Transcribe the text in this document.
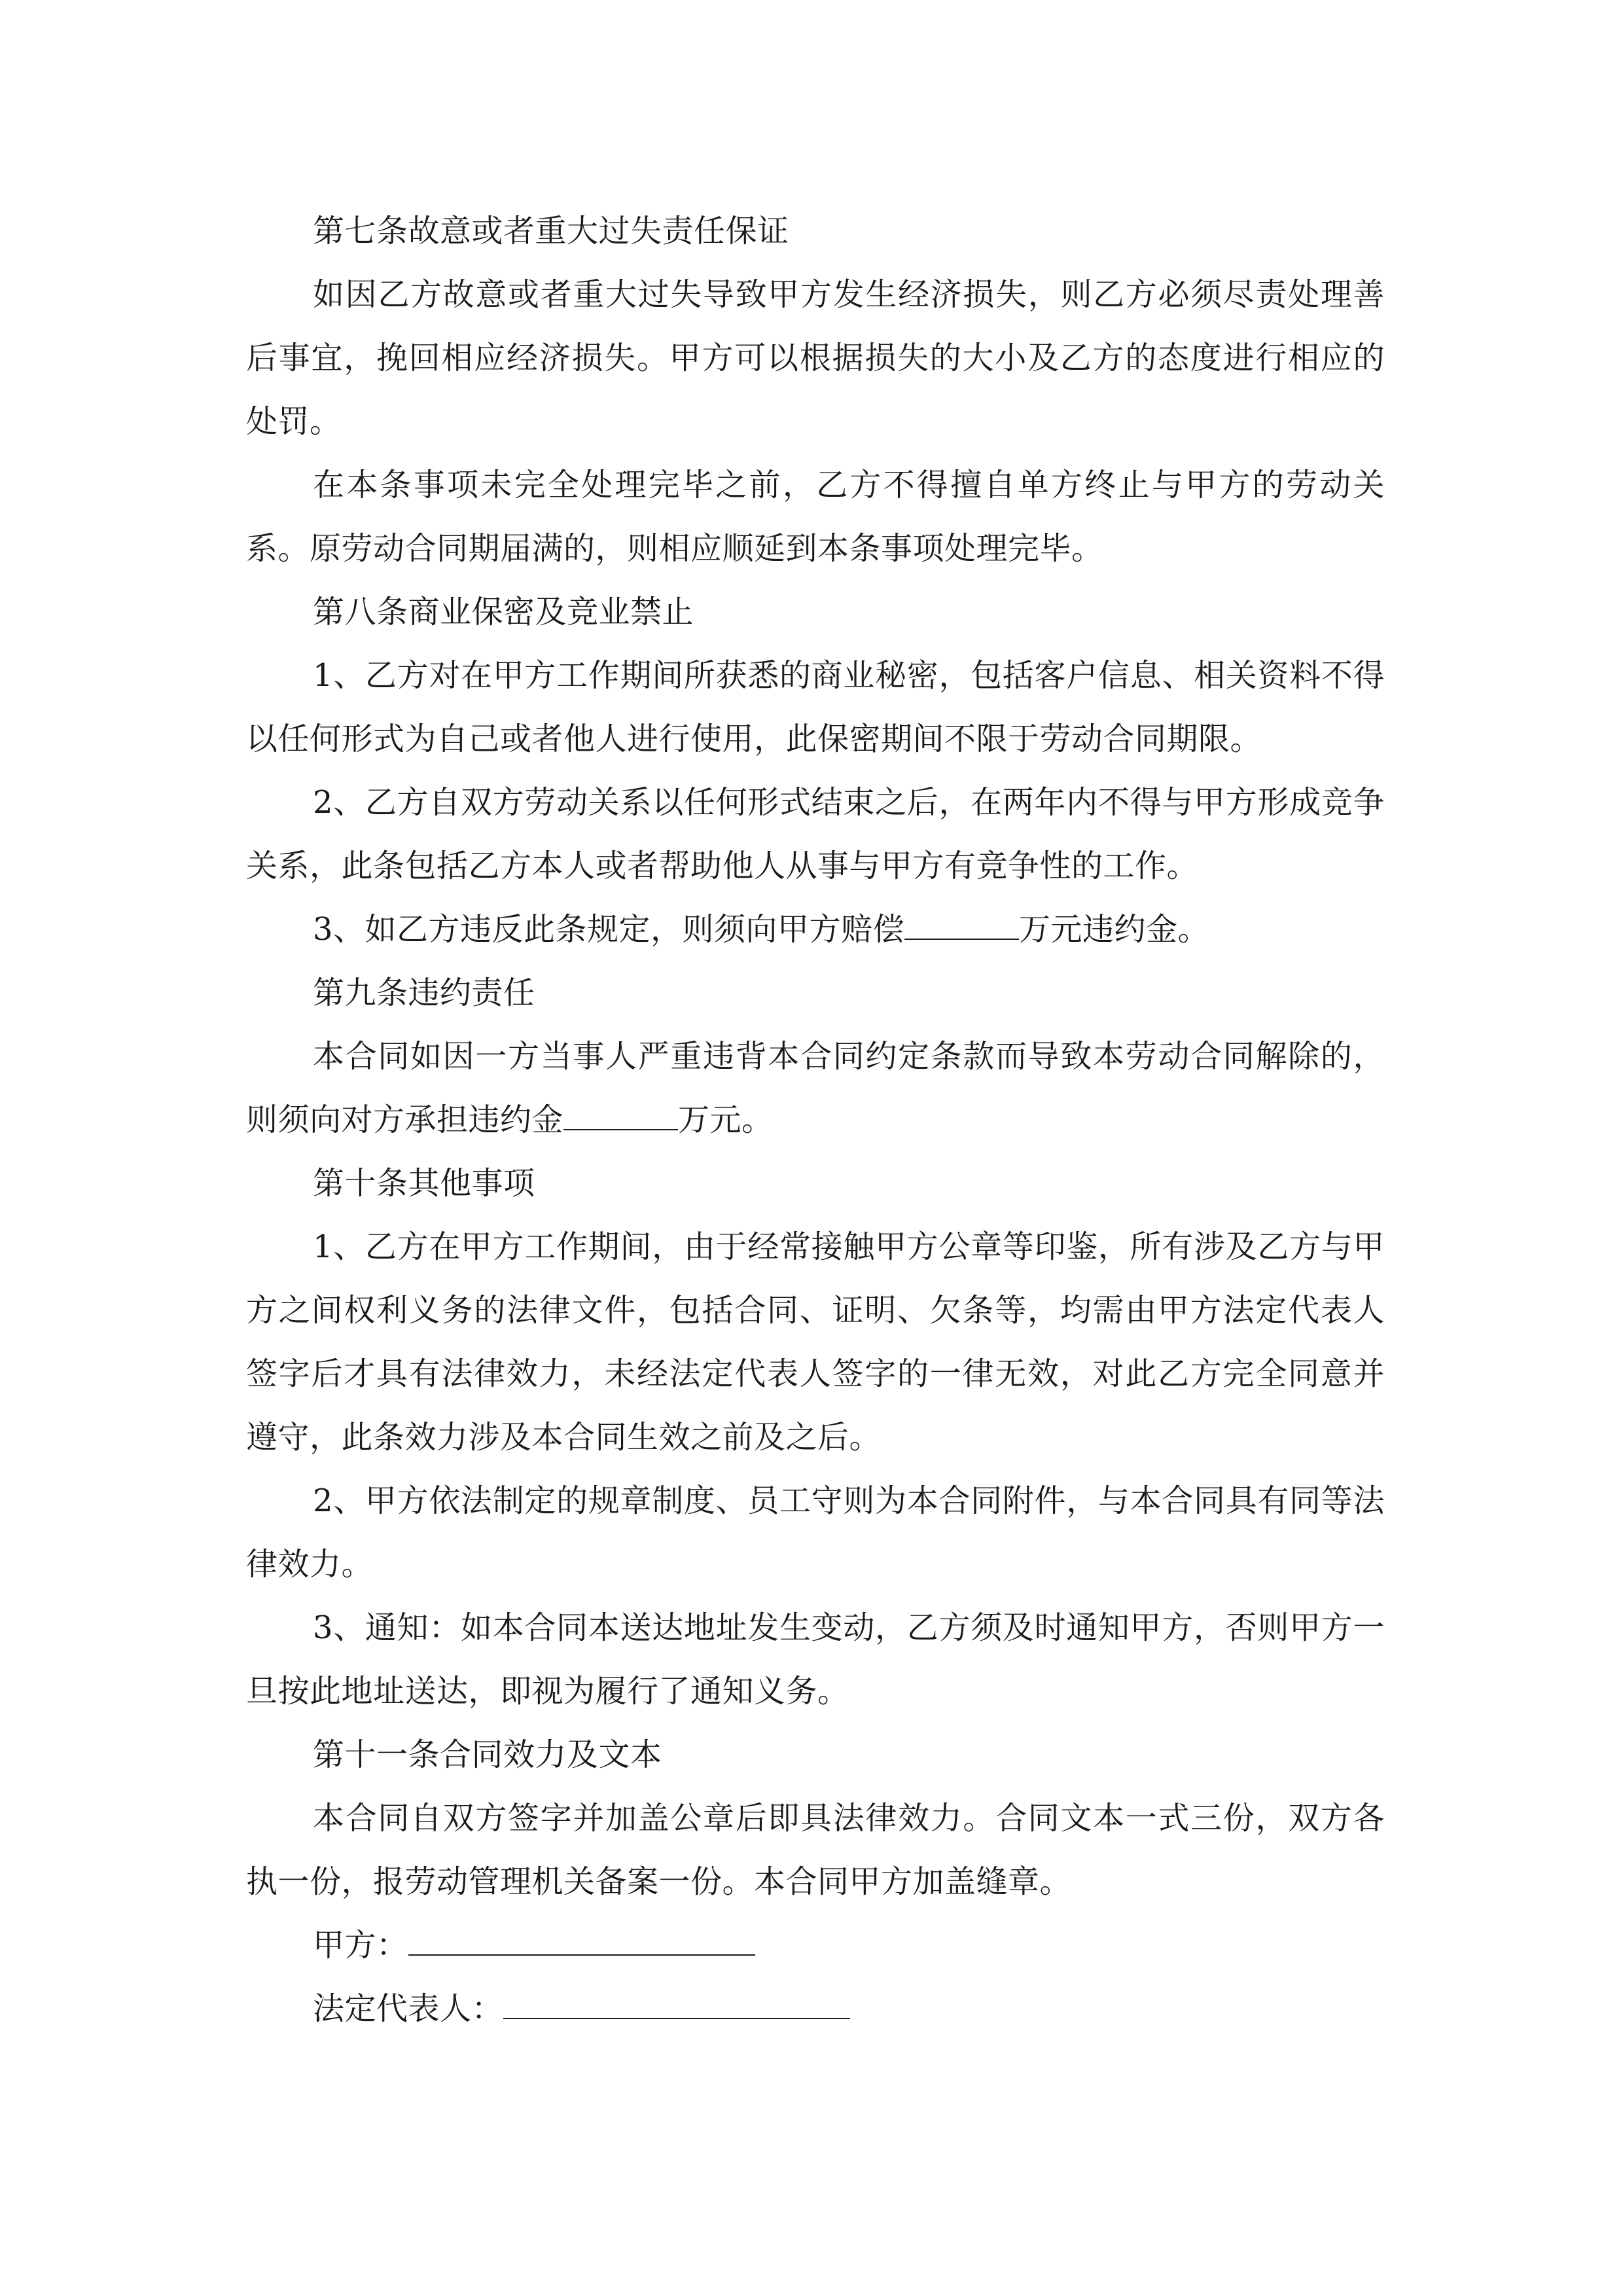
第七条故意或者重大过失责任保证

如因乙方故意或者重大过失导致甲方发生经济损失，则乙方必须尽责处理善后事宜，挽回相应经济损失。甲方可以根据损失的大小及乙方的态度进行相应的处罚。

在本条事项未完全处理完毕之前，乙方不得擅自单方终止与甲方的劳动关系。原劳动合同期届满的，则相应顺延到本条事项处理完毕。

第八条商业保密及竞业禁止

1、乙方对在甲方工作期间所获悉的商业秘密，包括客户信息、相关资料不得以任何形式为自己或者他人进行使用，此保密期间不限于劳动合同期限。

2、乙方自双方劳动关系以任何形式结束之后，在两年内不得与甲方形成竞争关系，此条包括乙方本人或者帮助他人从事与甲方有竞争性的工作。

3、如乙方违反此条规定，则须向甲方赔偿	万元违约金。

第九条违约责任

本合同如因一方当事人严重违背本合同约定条款而导致本劳动合同解除的，则须向对方承担违约金	万元。

第十条其他事项

1、乙方在甲方工作期间，由于经常接触甲方公章等印鉴，所有涉及乙方与甲方之间权利义务的法律文件，包括合同、证明、欠条等，均需由甲方法定代表人签字后才具有法律效力，未经法定代表人签字的一律无效，对此乙方完全同意并遵守，此条效力涉及本合同生效之前及之后。

2、甲方依法制定的规章制度、员工守则为本合同附件，与本合同具有同等法律效力。

3、通知：如本合同本送达地址发生变动，乙方须及时通知甲方，否则甲方一旦按此地址送达，即视为履行了通知义务。

第十一条合同效力及文本

本合同自双方签字并加盖公章后即具法律效力。合同文本一式三份，双方各执一份，报劳动管理机关备案一份。本合同甲方加盖缝章。

甲方：

法定代表人：
